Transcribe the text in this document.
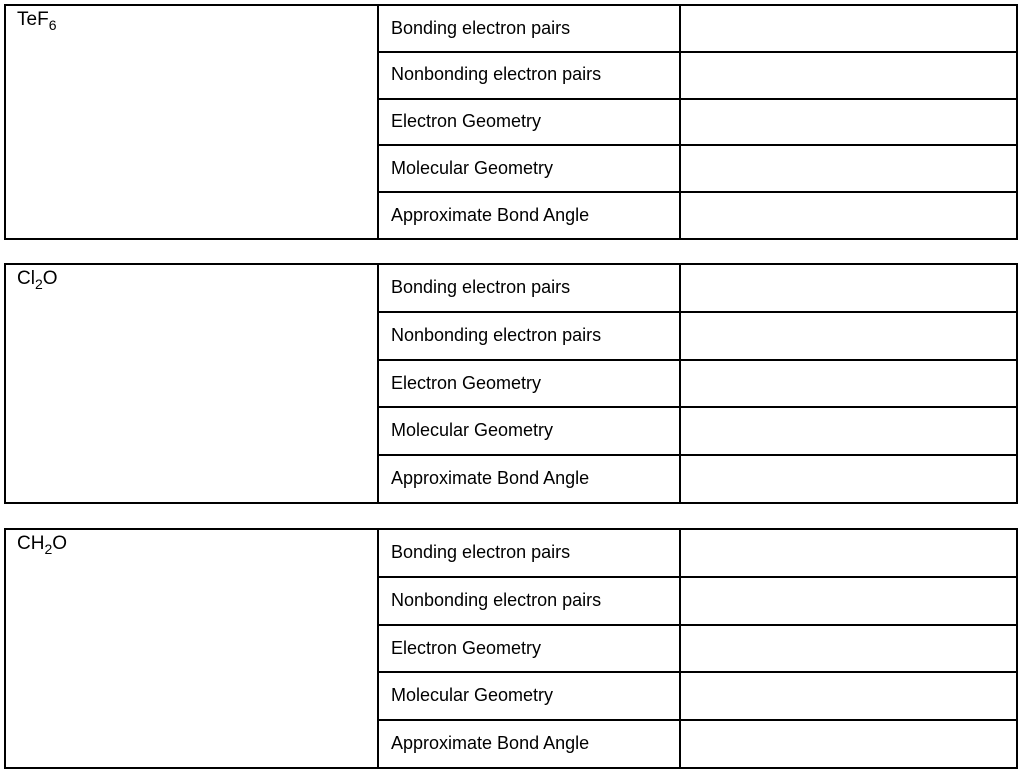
TeF$_6$	Bonding electron pairs
Nonbonding electron pairs
Electron Geometry
Molecular Geometry
Approximate Bond Angle
$Cl_2O$	Bonding electron pairs
Nonbonding electron pairs
Electron Geometry
Molecular Geometry
Approximate Bond Angle
$CH_2O$	Bonding electron pairs
Nonbonding electron pairs
Electron Geometry
Molecular Geometry
Approximate Bond Angle
